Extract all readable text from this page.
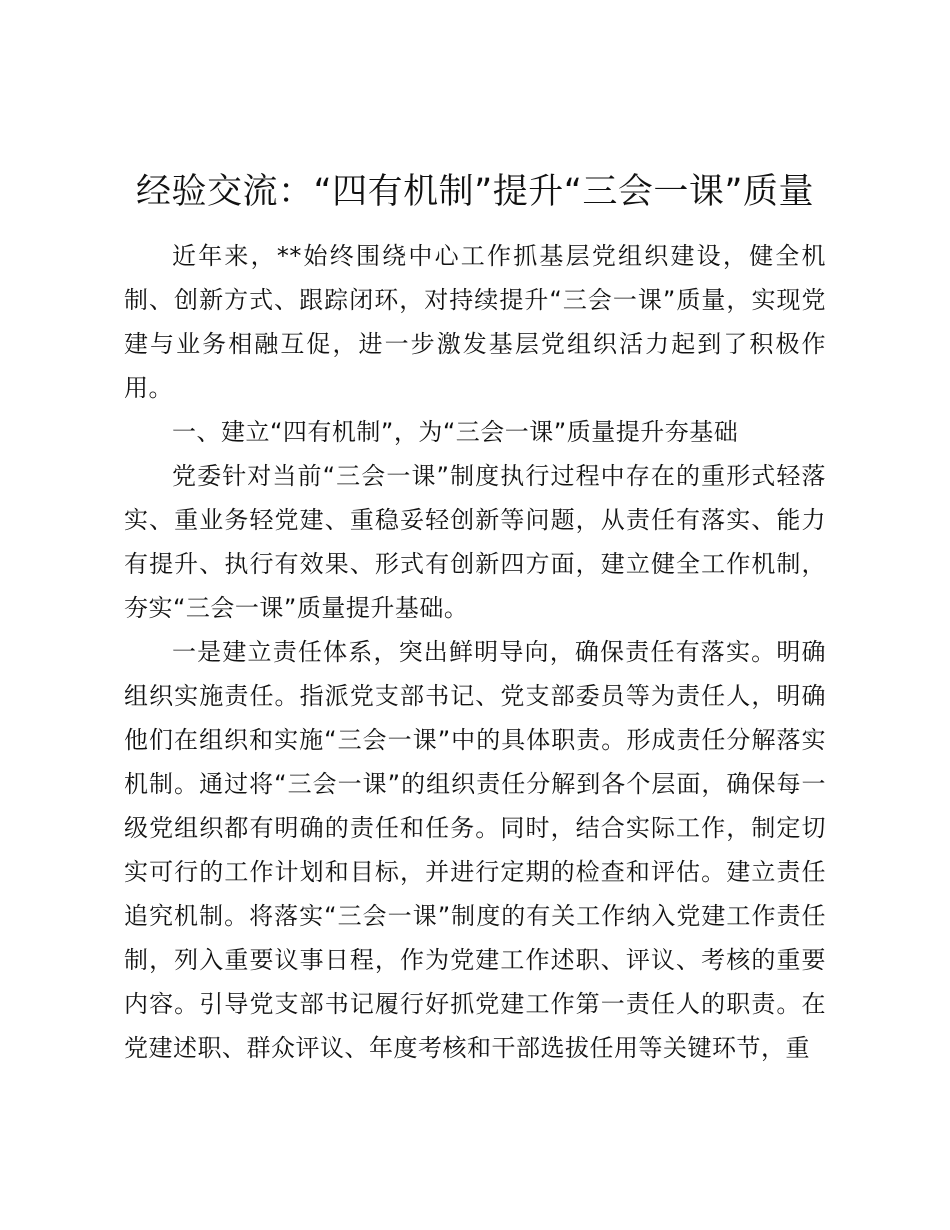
经验交流：“四有机制”提升“三会一课”质量

近年来，**始终围绕中心工作抓基层党组织建设，健全机制、创新方式、跟踪闭环，对持续提升“三会一课”质量，实现党建与业务相融互促，进一步激发基层党组织活力起到了积极作用。

一、建立“四有机制”，为“三会一课”质量提升夯基础

党委针对当前“三会一课”制度执行过程中存在的重形式轻落实、重业务轻党建、重稳妥轻创新等问题，从责任有落实、能力有提升、执行有效果、形式有创新四方面，建立健全工作机制，夯实“三会一课”质量提升基础。

一是建立责任体系，突出鲜明导向，确保责任有落实。明确组织实施责任。指派党支部书记、党支部委员等为责任人，明确他们在组织和实施“三会一课”中的具体职责。形成责任分解落实机制。通过将“三会一课”的组织责任分解到各个层面，确保每一级党组织都有明确的责任和任务。同时，结合实际工作，制定切实可行的工作计划和目标，并进行定期的检查和评估。建立责任追究机制。将落实“三会一课”制度的有关工作纳入党建工作责任制，列入重要议事日程，作为党建工作述职、评议、考核的重要内容。引导党支部书记履行好抓党建工作第一责任人的职责。在党建述职、群众评议、年度考核和干部选拔任用等关键环节，重
